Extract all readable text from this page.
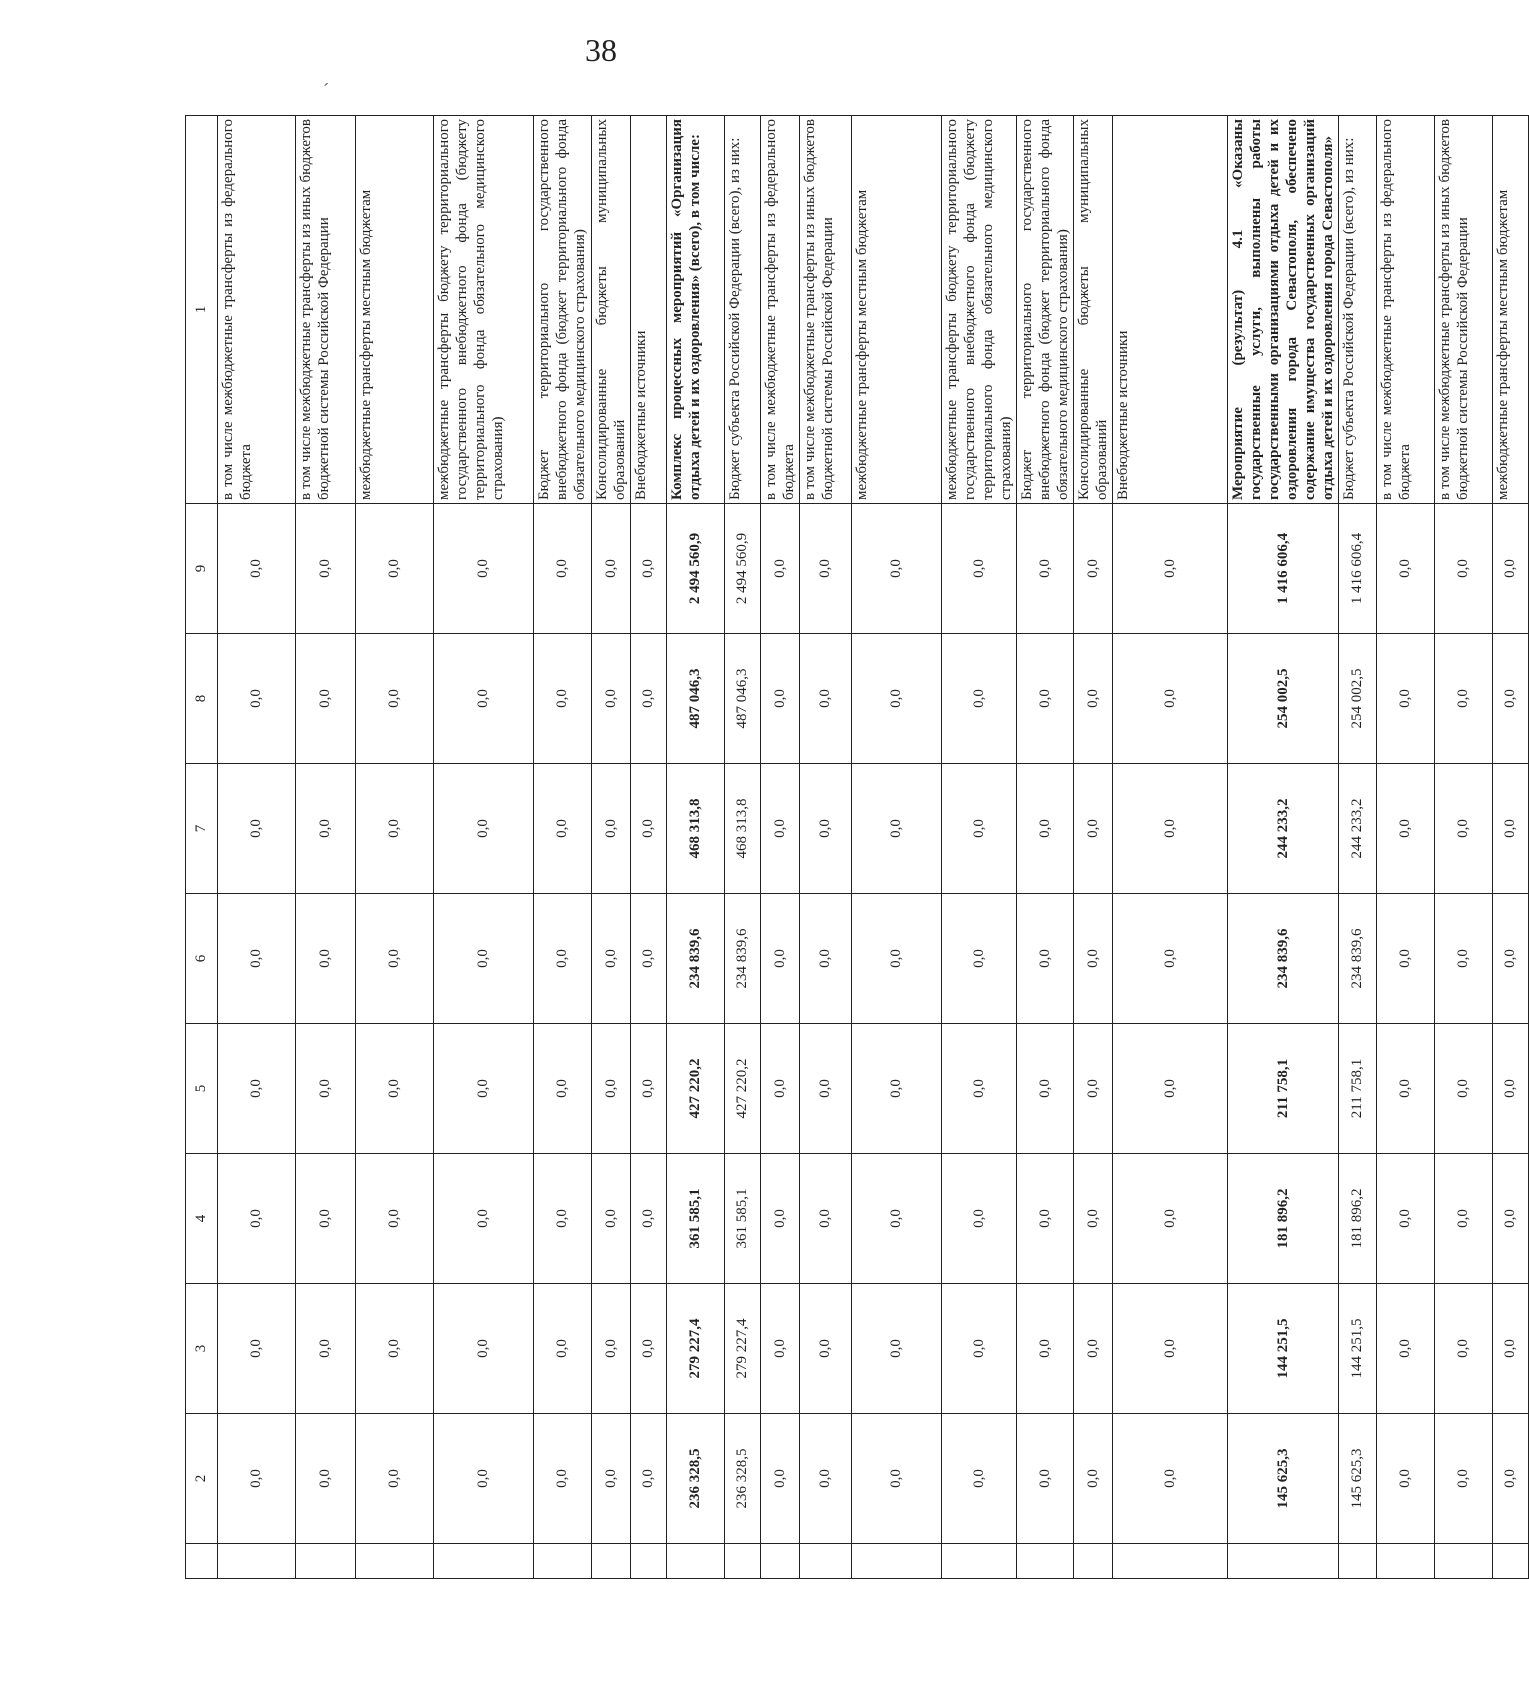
38
ˊ
	2	3	4	5	6	7	8	9	1
	0,0	0,0	0,0	0,0	0,0	0,0	0,0	0,0	в том числе межбюджетные трансферты из федерального бюджета
	0,0	0,0	0,0	0,0	0,0	0,0	0,0	0,0	в том числе межбюджетные трансферты из иных бюджетов бюджетной системы Российской Федерации
	0,0	0,0	0,0	0,0	0,0	0,0	0,0	0,0	межбюджетные трансферты местным бюджетам
	0,0	0,0	0,0	0,0	0,0	0,0	0,0	0,0	межбюджетные трансферты бюджету территориального государственного внебюджетного фонда (бюджету территориального фонда обязательного медицинского страхования)
	0,0	0,0	0,0	0,0	0,0	0,0	0,0	0,0	Бюджет территориального государственного внебюджетного фонда (бюджет территориального фонда обязательного медицинского страхования)
	0,0	0,0	0,0	0,0	0,0	0,0	0,0	0,0	Консолидированные бюджеты муниципальных образований
	0,0	0,0	0,0	0,0	0,0	0,0	0,0	0,0	Внебюджетные источники
	236 328,5	279 227,4	361 585,1	427 220,2	234 839,6	468 313,8	487 046,3	2 494 560,9	Комплекс процессных мероприятий «Организация отдыха детей и их оздоровления» (всего), в том числе:
	236 328,5	279 227,4	361 585,1	427 220,2	234 839,6	468 313,8	487 046,3	2 494 560,9	Бюджет субъекта Российской Федерации (всего), из них:
	0,0	0,0	0,0	0,0	0,0	0,0	0,0	0,0	в том числе межбюджетные трансферты из федерального бюджета
	0,0	0,0	0,0	0,0	0,0	0,0	0,0	0,0	в том числе межбюджетные трансферты из иных бюджетов бюджетной системы Российской Федерации
	0,0	0,0	0,0	0,0	0,0	0,0	0,0	0,0	межбюджетные трансферты местным бюджетам
	0,0	0,0	0,0	0,0	0,0	0,0	0,0	0,0	межбюджетные трансферты бюджету территориального государственного внебюджетного фонда (бюджету территориального фонда обязательного медицинского страхования)
	0,0	0,0	0,0	0,0	0,0	0,0	0,0	0,0	Бюджет территориального государственного внебюджетного фонда (бюджет территориального фонда обязательного медицинского страхования)
	0,0	0,0	0,0	0,0	0,0	0,0	0,0	0,0	Консолидированные бюджеты муниципальных образований
	0,0	0,0	0,0	0,0	0,0	0,0	0,0	0,0	Внебюджетные источники
	145 625,3	144 251,5	181 896,2	211 758,1	234 839,6	244 233,2	254 002,5	1 416 606,4	Мероприятие (результат) 4.1 «Оказаны государственные услуги, выполнены работы государственными организациями отдыха детей и их оздоровления города Севастополя, обеспечено содержание имущества государственных организаций отдыха детей и их оздоровления города Севастополя»
	145 625,3	144 251,5	181 896,2	211 758,1	234 839,6	244 233,2	254 002,5	1 416 606,4	Бюджет субъекта Российской Федерации (всего), из них:
	0,0	0,0	0,0	0,0	0,0	0,0	0,0	0,0	в том числе межбюджетные трансферты из федерального бюджета
	0,0	0,0	0,0	0,0	0,0	0,0	0,0	0,0	в том числе межбюджетные трансферты из иных бюджетов бюджетной системы Российской Федерации
	0,0	0,0	0,0	0,0	0,0	0,0	0,0	0,0	межбюджетные трансферты местным бюджетам
